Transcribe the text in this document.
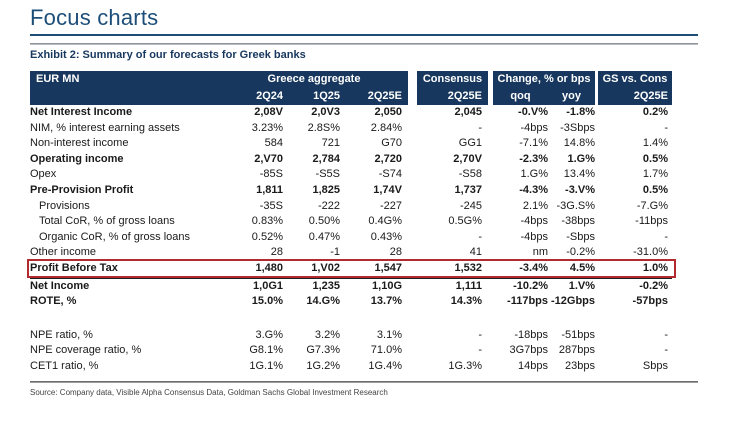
Focus charts
Exhibit 2: Summary of our forecasts for Greek banks
EUR MN	Greece aggregate	Consensus	Change, % or bps	GS vs. Cons
2Q24	1Q25	2Q25E	2Q25E	qoq	yoy	2Q25E
Net Interest Income	2,08V	2,0V3	2,050	2,045	-0.V%	-1.8%	0.2%
NIM, % interest earning assets	3.23%	2.8S%	2.84%	-	-4bps	-3Sbps	-
Non-interest income	584	721	G70	GG1	-7.1%	14.8%	1.4%
Operating income	2,V70	2,784	2,720	2,70V	-2.3%	1.G%	0.5%
Opex	-85S	-S5S	-S74	-S58	1.G%	13.4%	1.7%
Pre-Provision Profit	1,811	1,825	1,74V	1,737	-4.3%	-3.V%	0.5%
Provisions	-35S	-222	-227	-245	2.1% -3G.S%	-7.G%
Total CoR, % of gross loans	0.83%	0.50%	0.4G%	0.5G%	-4bps	-38bps	-11bps
Organic CoR, % of gross loans	0.52%	0.47%	0.43%	-	-4bps	-Sbps	-
Other income	28	-1	28	41	nm	-0.2%	-31.0%
Profit Before Tax	1,480	1,V02	1,547	1,532	-3.4%	4.5%	1.0%
Net Income	1,0G1	1,235	1,10G	1,111	-10.2%	1.V%	-0.2%
ROTE, %	15.0%	14.G%	13.7%	14.3%	-117bps -12Gbps	-57bps
NPE ratio, %	3.G%	3.2%	3.1%	-	-18bps	-51bps	-
NPE coverage ratio, %	G8.1%	G7.3%	71.0%	-	3G7bps 287bps	-
CET1 ratio, %	1G.1%	1G.2%	1G.4%	1G.3%	14bps	23bps	Sbps
Source: Company data, Visible Alpha Consensus Data, Goldman Sachs Global Investment Research
